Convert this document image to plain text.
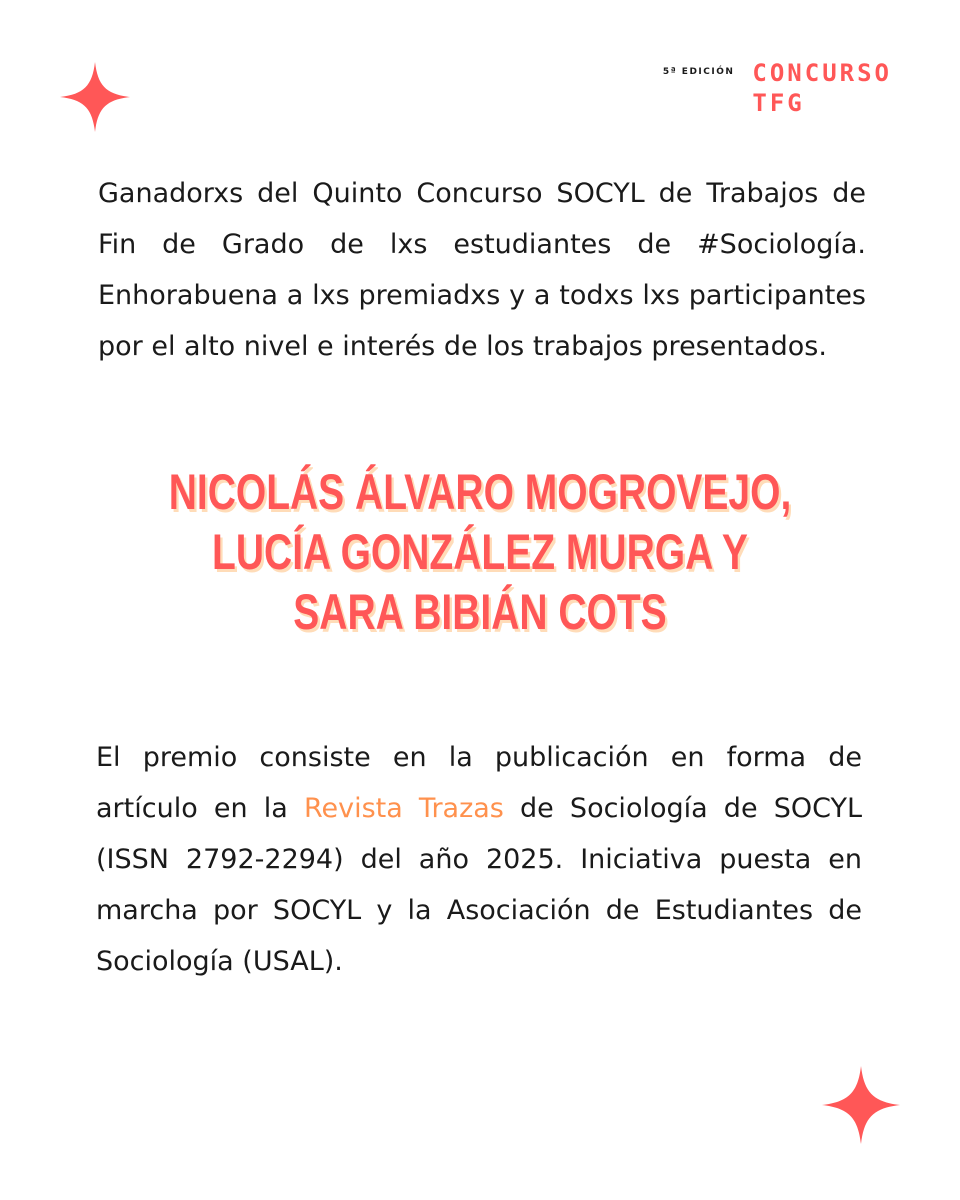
5ª EDICIÓN CONCURSO
TFG

Ganadorxs del Quinto Concurso SOCYL de Trabajos de Fin de Grado de lxs estudiantes de #Sociología. Enhorabuena a lxs premiadxs y a todxs lxs participantes por el alto nivel e interés de los trabajos presentados.

NICOLÁS ÁLVARO MOGROVEJO,
LUCÍA GONZÁLEZ MURGA Y
SARA BIBIÁN COTS

El premio consiste en la publicación en forma de artículo en la Revista Trazas de Sociología de SOCYL (ISSN 2792-2294) del año 2025. Iniciativa puesta en marcha por SOCYL y la Asociación de Estudiantes de Sociología (USAL).
